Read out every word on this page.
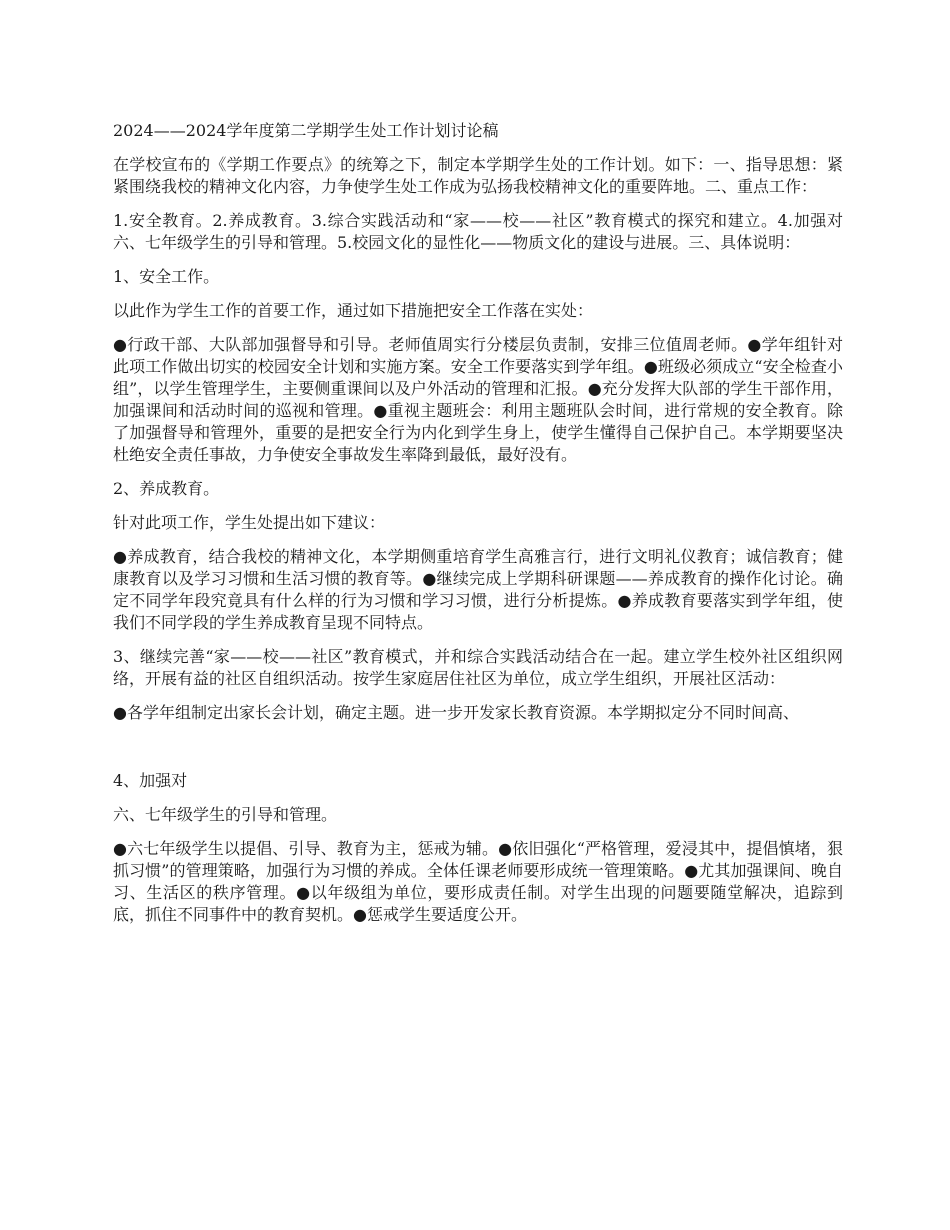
2024——2024学年度第二学期学生处工作计划讨论稿

在学校宣布的《学期工作要点》的统筹之下，制定本学期学生处的工作计划。如下：一、指导思想：紧紧围绕我校的精神文化内容，力争使学生处工作成为弘扬我校精神文化的重要阵地。二、重点工作：

1.安全教育。2.养成教育。3.综合实践活动和“家——校——社区”教育模式的探究和建立。4.加强对六、七年级学生的引导和管理。5.校园文化的显性化——物质文化的建设与进展。三、具体说明：

1、安全工作。

以此作为学生工作的首要工作，通过如下措施把安全工作落在实处：

●行政干部、大队部加强督导和引导。老师值周实行分楼层负责制，安排三位值周老师。●学年组针对此项工作做出切实的校园安全计划和实施方案。安全工作要落实到学年组。●班级必须成立“安全检查小组”，以学生管理学生，主要侧重课间以及户外活动的管理和汇报。●充分发挥大队部的学生干部作用，加强课间和活动时间的巡视和管理。●重视主题班会：利用主题班队会时间，进行常规的安全教育。除了加强督导和管理外，重要的是把安全行为内化到学生身上，使学生懂得自己保护自己。本学期要坚决杜绝安全责任事故，力争使安全事故发生率降到最低，最好没有。

2、养成教育。

针对此项工作，学生处提出如下建议：

●养成教育，结合我校的精神文化，本学期侧重培育学生高雅言行，进行文明礼仪教育；诚信教育；健康教育以及学习习惯和生活习惯的教育等。●继续完成上学期科研课题——养成教育的操作化讨论。确定不同学年段究竟具有什么样的行为习惯和学习习惯，进行分析提炼。●养成教育要落实到学年组，使我们不同学段的学生养成教育呈现不同特点。

3、继续完善“家——校——社区”教育模式，并和综合实践活动结合在一起。建立学生校外社区组织网络，开展有益的社区自组织活动。按学生家庭居住社区为单位，成立学生组织，开展社区活动：

●各学年组制定出家长会计划，确定主题。进一步开发家长教育资源。本学期拟定分不同时间高、

4、加强对

六、七年级学生的引导和管理。

●六七年级学生以提倡、引导、教育为主，惩戒为辅。●依旧强化“严格管理，爱浸其中，提倡慎堵，狠抓习惯”的管理策略，加强行为习惯的养成。全体任课老师要形成统一管理策略。●尤其加强课间、晚自习、生活区的秩序管理。●以年级组为单位，要形成责任制。对学生出现的问题要随堂解决，追踪到底，抓住不同事件中的教育契机。●惩戒学生要适度公开。
